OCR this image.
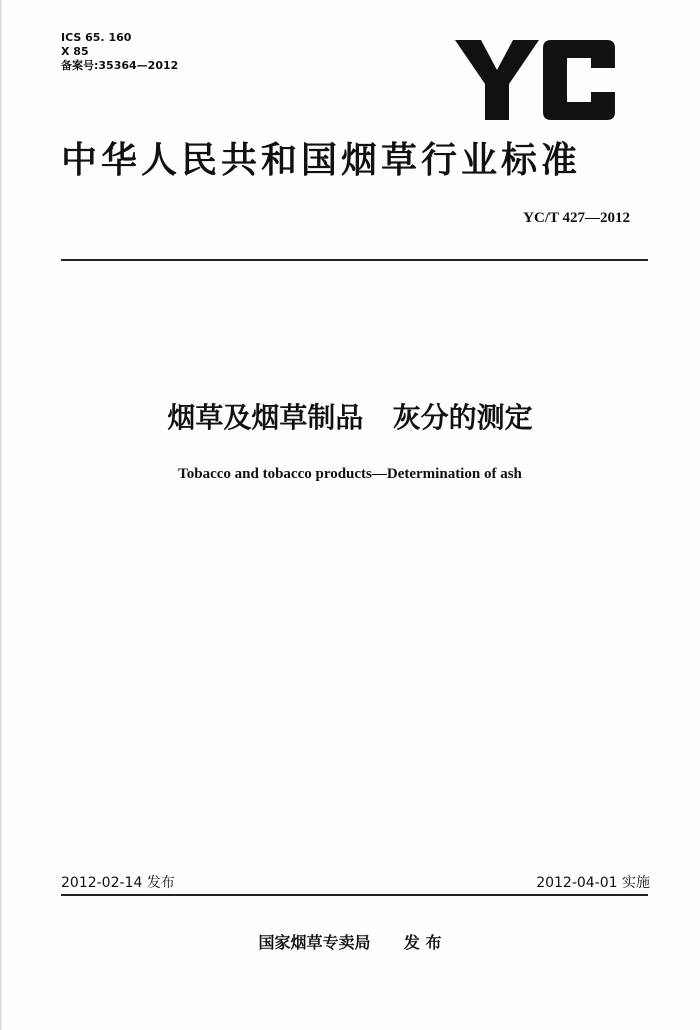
ICS 65. 160
X 85
备案号:35364—2012
中华人民共和国烟草行业标准
YC/T 427—2012
烟草及烟草制品   灰分的测定
Tobacco and tobacco products—Determination of ash
2012-02-14 发布	2012-04-01 实施
国家烟草专卖局      发 布
